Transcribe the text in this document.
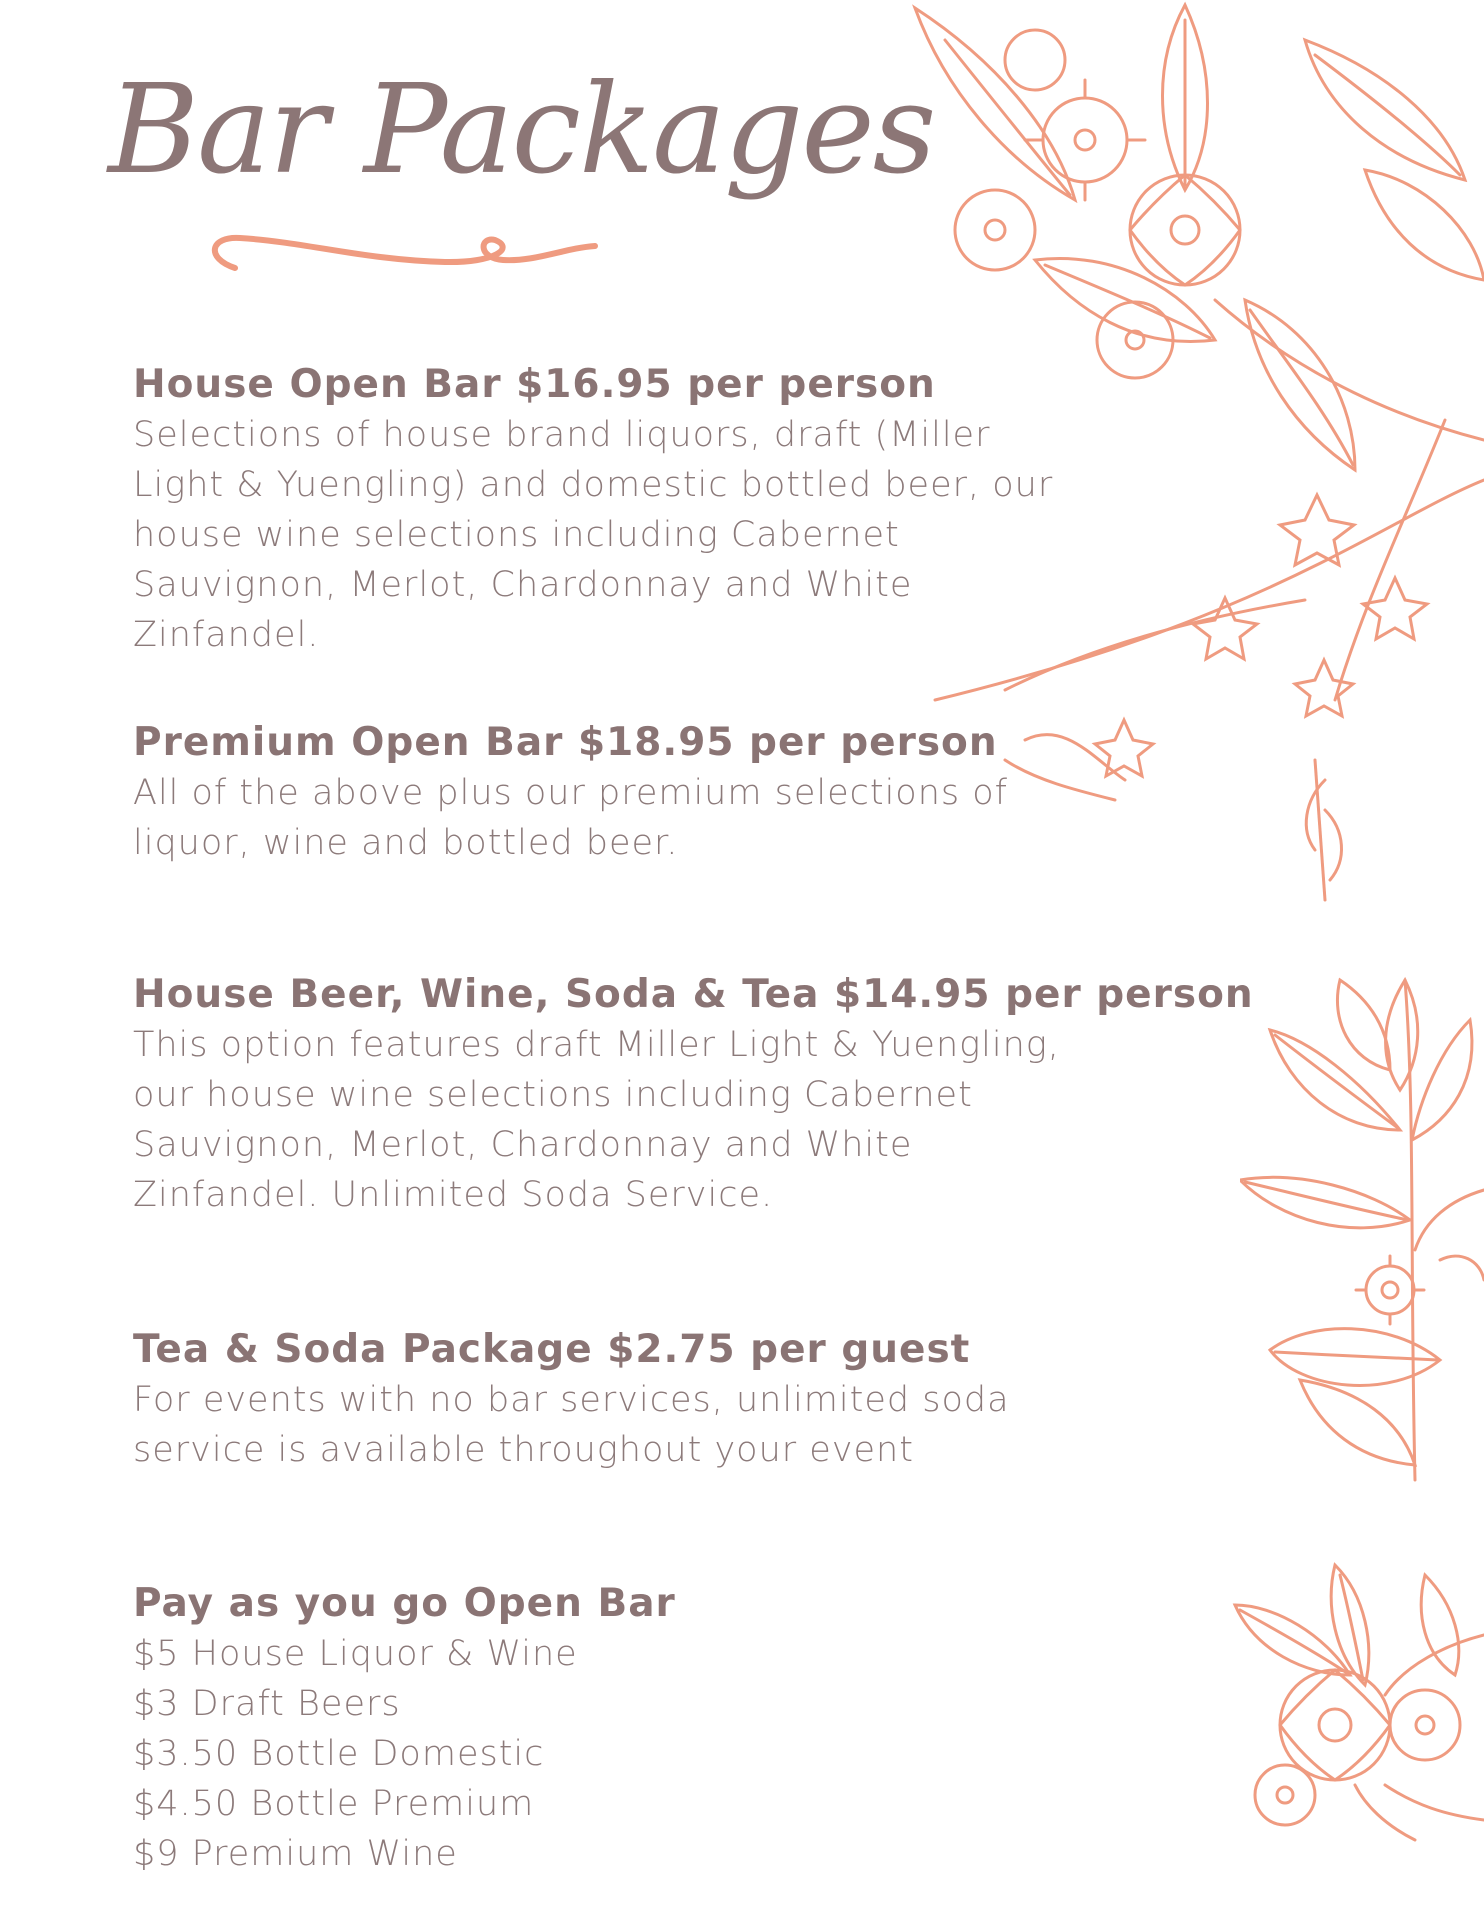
Bar Packages
House Open Bar $16.95 per person
Selections of house brand liquors, draft (Miller
Light & Yuengling) and domestic bottled beer, our
house wine selections including Cabernet
Sauvignon, Merlot, Chardonnay and White
Zinfandel.
Premium Open Bar $18.95 per person
All of the above plus our premium selections of
liquor, wine and bottled beer.
House Beer, Wine, Soda & Tea $14.95 per person
This option features draft Miller Light & Yuengling,
our house wine selections including Cabernet
Sauvignon, Merlot, Chardonnay and White
Zinfandel. Unlimited Soda Service.
Tea & Soda Package $2.75 per guest
For events with no bar services, unlimited soda
service is available throughout your event
Pay as you go Open Bar
$5 House Liquor & Wine
$3 Draft Beers
$3.50 Bottle Domestic
$4.50 Bottle Premium
$9 Premium Wine
